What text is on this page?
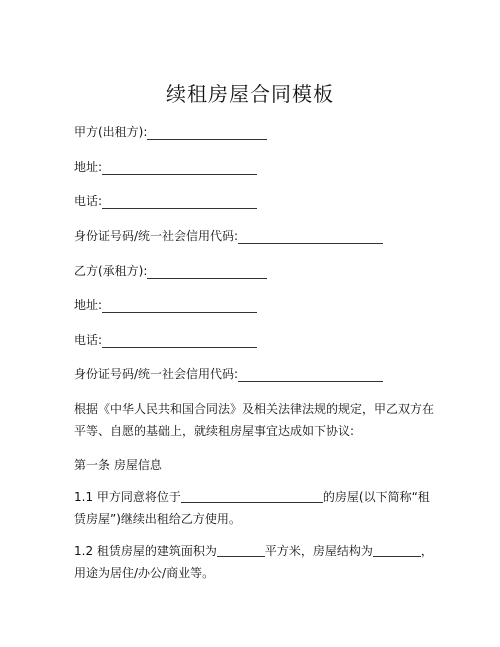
续租房屋合同模板
甲方(出租方):
地址:
电话:
身份证号码/统一社会信用代码:
乙方(承租方):
地址:
电话:
身份证号码/统一社会信用代码:
根据《中华人民共和国合同法》及相关法律法规的规定，甲乙双方在平等、自愿的基础上，就续租房屋事宜达成如下协议:
第一条 房屋信息
1.1 甲方同意将位于	的房屋(以下简称“租赁房屋”)继续出租给乙方使用。
1.2 租赁房屋的建筑面积为	平方米，房屋结构为	，用途为居住/办公/商业等。
